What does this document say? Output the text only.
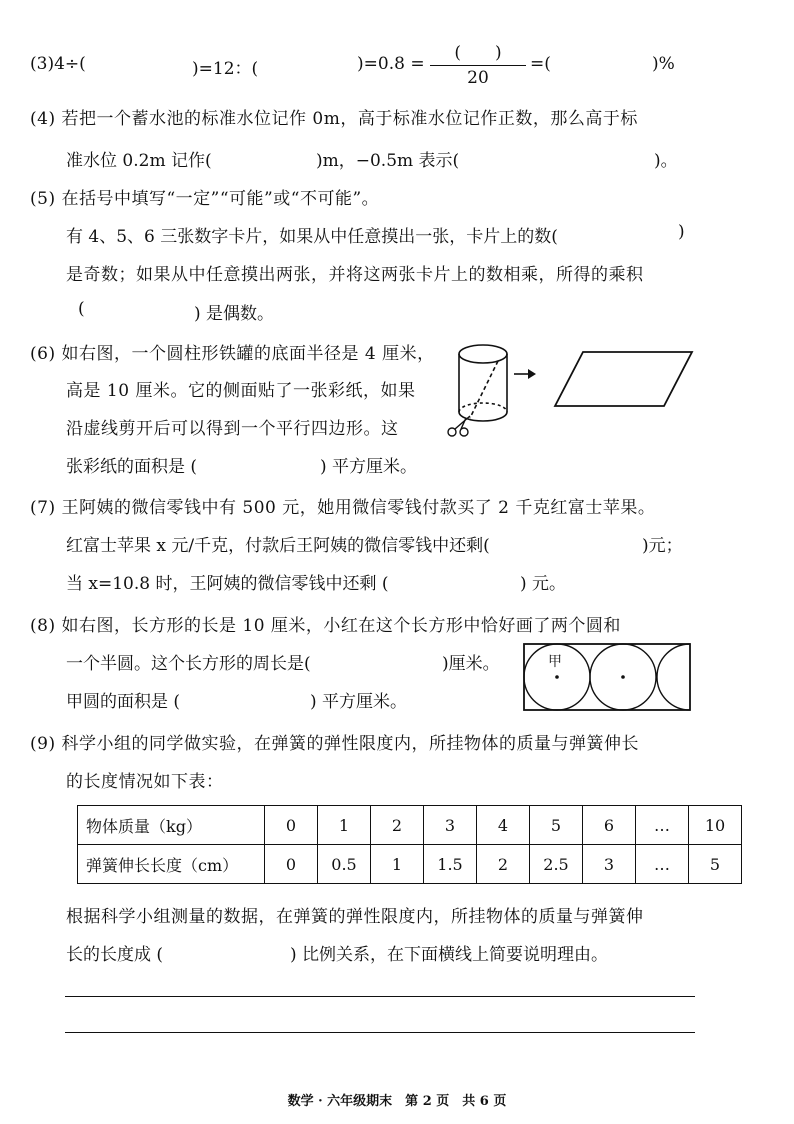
(3)4÷(	)=12：(	)=0.8 =
(　　)
20
=(	)%
(4) 若把一个蓄水池的标准水位记作 0m，高于标准水位记作正数，那么高于标
准水位 0.2m 记作(	)m，−0.5m 表示(	)。
(5) 在括号中填写“一定”“可能”或“不可能”。
有 4、5、6 三张数字卡片，如果从中任意摸出一张，卡片上的数(	)
是奇数；如果从中任意摸出两张，并将这两张卡片上的数相乘，所得的乘积
(	) 是偶数。
(6) 如右图，一个圆柱形铁罐的底面半径是 4 厘米，
高是 10 厘米。它的侧面贴了一张彩纸，如果
沿虚线剪开后可以得到一个平行四边形。这
张彩纸的面积是 (	) 平方厘米。
(7) 王阿姨的微信零钱中有 500 元，她用微信零钱付款买了 2 千克红富士苹果。
红富士苹果 x 元/千克，付款后王阿姨的微信零钱中还剩(	)元；
当 x=10.8 时，王阿姨的微信零钱中还剩 (	) 元。
(8) 如右图，长方形的长是 10 厘米，小红在这个长方形中恰好画了两个圆和
一个半圆。这个长方形的周长是(	)厘米。
甲圆的面积是 (	) 平方厘米。
甲
(9) 科学小组的同学做实验，在弹簧的弹性限度内，所挂物体的质量与弹簧伸长
的长度情况如下表：
物体质量（kg）	0	1	2	3	4	5	6	…	10
弹簧伸长长度（cm）	0	0.5	1	1.5	2	2.5	3	…	5
根据科学小组测量的数据，在弹簧的弹性限度内，所挂物体的质量与弹簧伸
长的长度成 (	) 比例关系，在下面横线上简要说明理由。
数学 · 六年级期末　第 2 页　共 6 页
